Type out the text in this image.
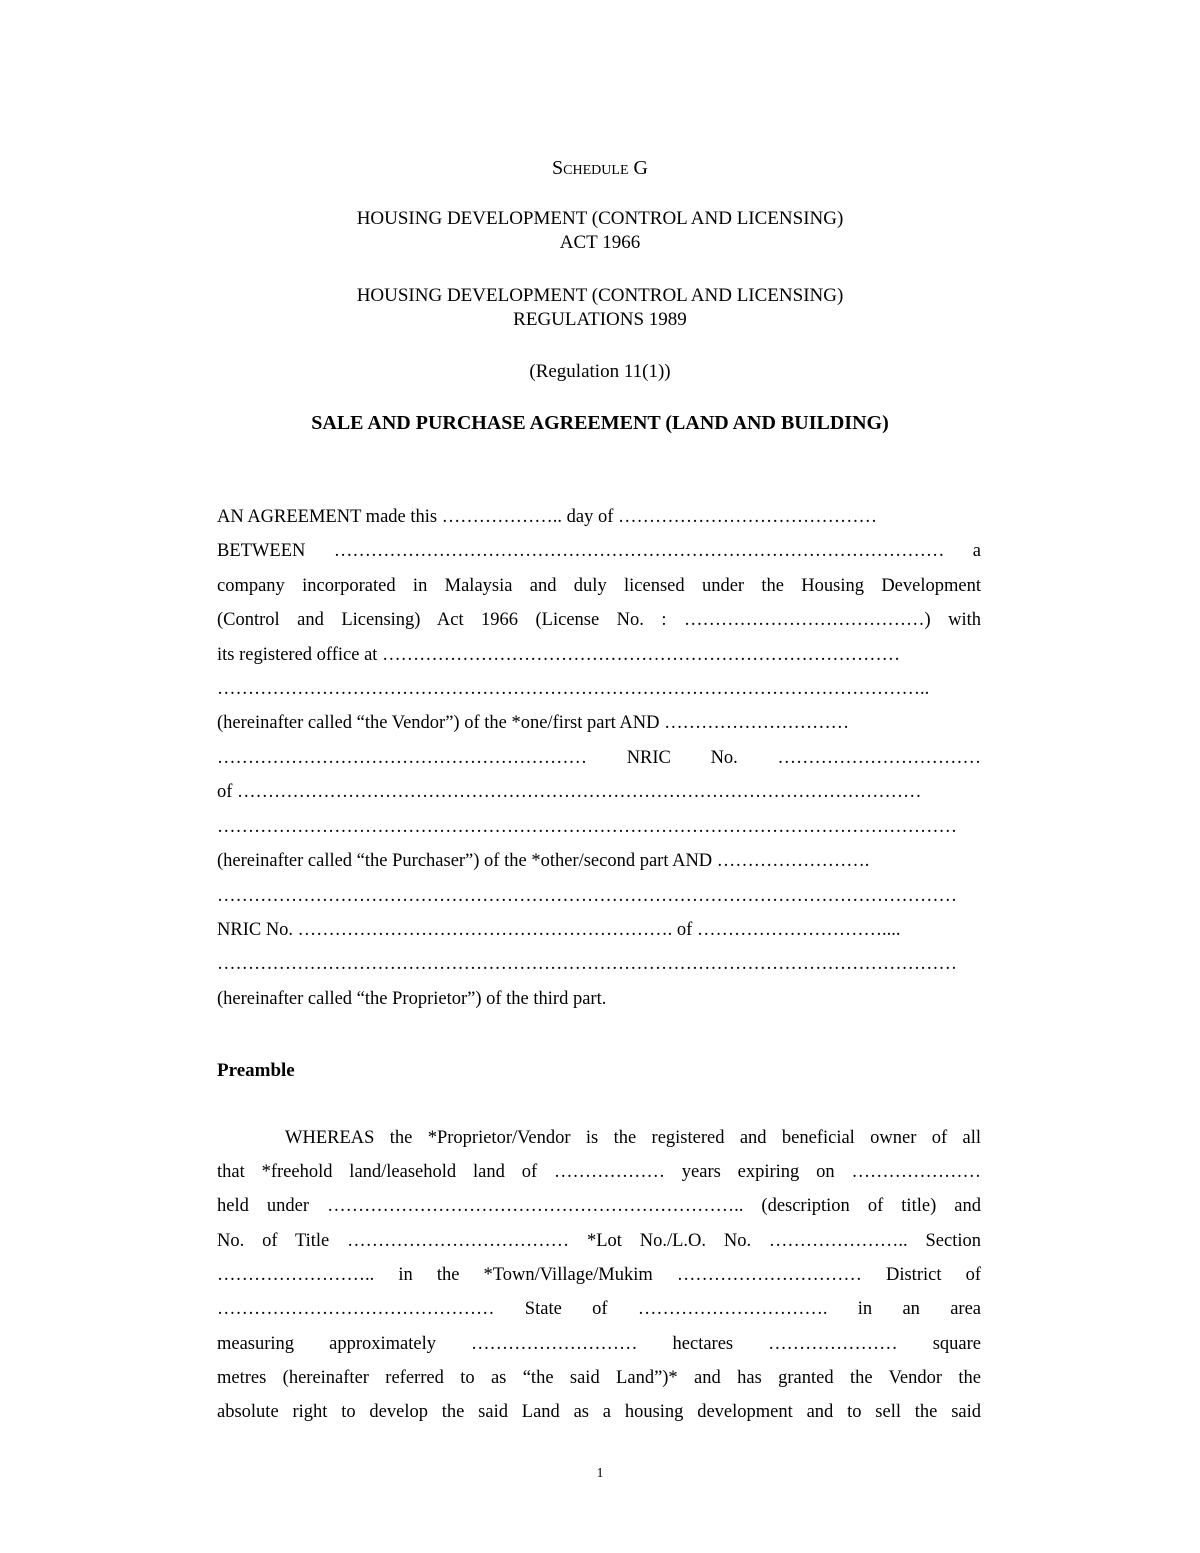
Schedule G
HOUSING DEVELOPMENT (CONTROL AND LICENSING)
ACT 1966
HOUSING DEVELOPMENT (CONTROL AND LICENSING)
REGULATIONS 1989
(Regulation 11(1))
SALE AND PURCHASE AGREEMENT (LAND AND BUILDING)
AN AGREEMENT made this ……………….. day of ……………………………………
BETWEEN ……………………………………………………………………………………… a
company incorporated in Malaysia and duly licensed under the Housing Development
(Control and Licensing) Act 1966 (License No. : …………………………………) with
its registered office at …………………………………………………………………………
……………………………………………………………………………………………………..
(hereinafter called “the Vendor”) of the *one/first part AND …………………………
…………………………………………………… NRIC No. ……………………………
of …………………………………………………………………………………………………
…………………………………………………………………………………………………………
(hereinafter called “the Purchaser”) of the *other/second part AND …………………….
…………………………………………………………………………………………………………
NRIC No. ……………………………………………………. of …………………………....
…………………………………………………………………………………………………………
(hereinafter called “the Proprietor”) of the third part.
Preamble
WHEREAS the *Proprietor/Vendor is the registered and beneficial owner of all
that *freehold land/leasehold land of ……………… years expiring on …………………
held under ………………………………………………………….. (description of title) and
No. of Title ……………………………… *Lot No./L.O. No. ………………….. Section
…………………….. in the *Town/Village/Mukim ………………………… District of
……………………………………… State of …………………………. in an area
measuring approximately ……………………… hectares ………………… square
metres (hereinafter referred to as “the said Land”)* and has granted the Vendor the
absolute right to develop the said Land as a housing development and to sell the said
1
